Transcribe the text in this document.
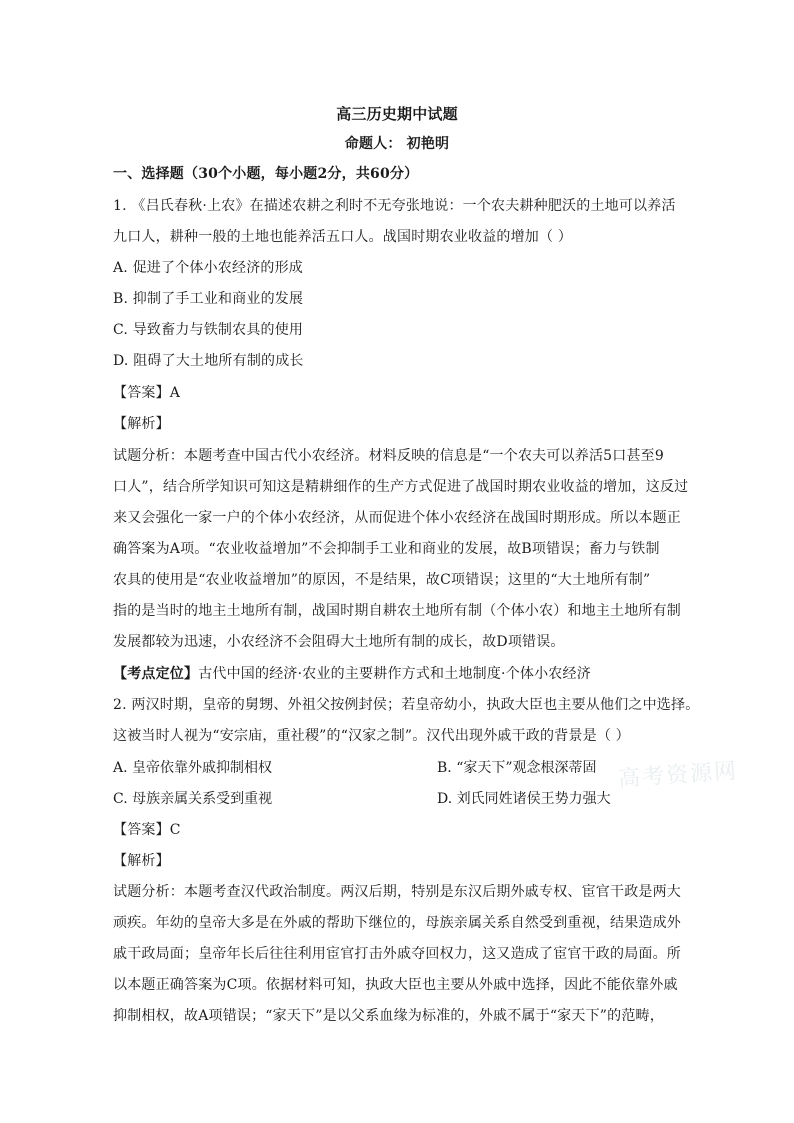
高三历史期中试题
命题人： 初艳明
一、选择题（30个小题，每小题2分，共60分）
1. 《吕氏春秋·上农》在描述农耕之利时不无夸张地说：一个农夫耕种肥沃的土地可以养活
九口人，耕种一般的土地也能养活五口人。战国时期农业收益的增加（ ）
A. 促进了个体小农经济的形成
B. 抑制了手工业和商业的发展
C. 导致畜力与铁制农具的使用
D. 阻碍了大土地所有制的成长
【答案】A
【解析】
试题分析：本题考查中国古代小农经济。材料反映的信息是“一个农夫可以养活5口甚至9
口人”，结合所学知识可知这是精耕细作的生产方式促进了战国时期农业收益的增加，这反过
来又会强化一家一户的个体小农经济，从而促进个体小农经济在战国时期形成。所以本题正
确答案为A项。“农业收益增加”不会抑制手工业和商业的发展，故B项错误；畜力与铁制
农具的使用是“农业收益增加”的原因，不是结果，故C项错误；这里的“大土地所有制”
指的是当时的地主土地所有制，战国时期自耕农土地所有制（个体小农）和地主土地所有制
发展都较为迅速，小农经济不会阻碍大土地所有制的成长，故D项错误。
【考点定位】古代中国的经济·农业的主要耕作方式和土地制度·个体小农经济
2. 两汉时期，皇帝的舅甥、外祖父按例封侯；若皇帝幼小，执政大臣也主要从他们之中选择。
这被当时人视为“安宗庙，重社稷”的“汉家之制”。汉代出现外戚干政的背景是（ ）
A. 皇帝依靠外戚抑制相权	B. “家天下”观念根深蒂固
C. 母族亲属关系受到重视	D. 刘氏同姓诸侯王势力强大
【答案】C
【解析】
试题分析：本题考查汉代政治制度。两汉后期，特别是东汉后期外戚专权、宦官干政是两大
顽疾。年幼的皇帝大多是在外戚的帮助下继位的，母族亲属关系自然受到重视，结果造成外
戚干政局面；皇帝年长后往往利用宦官打击外戚夺回权力，这又造成了宦官干政的局面。所
以本题正确答案为C项。依据材料可知，执政大臣也主要从外戚中选择，因此不能依靠外戚
抑制相权，故A项错误；“家天下”是以父系血缘为标准的，外戚不属于“家天下”的范畴，
高考资源网
